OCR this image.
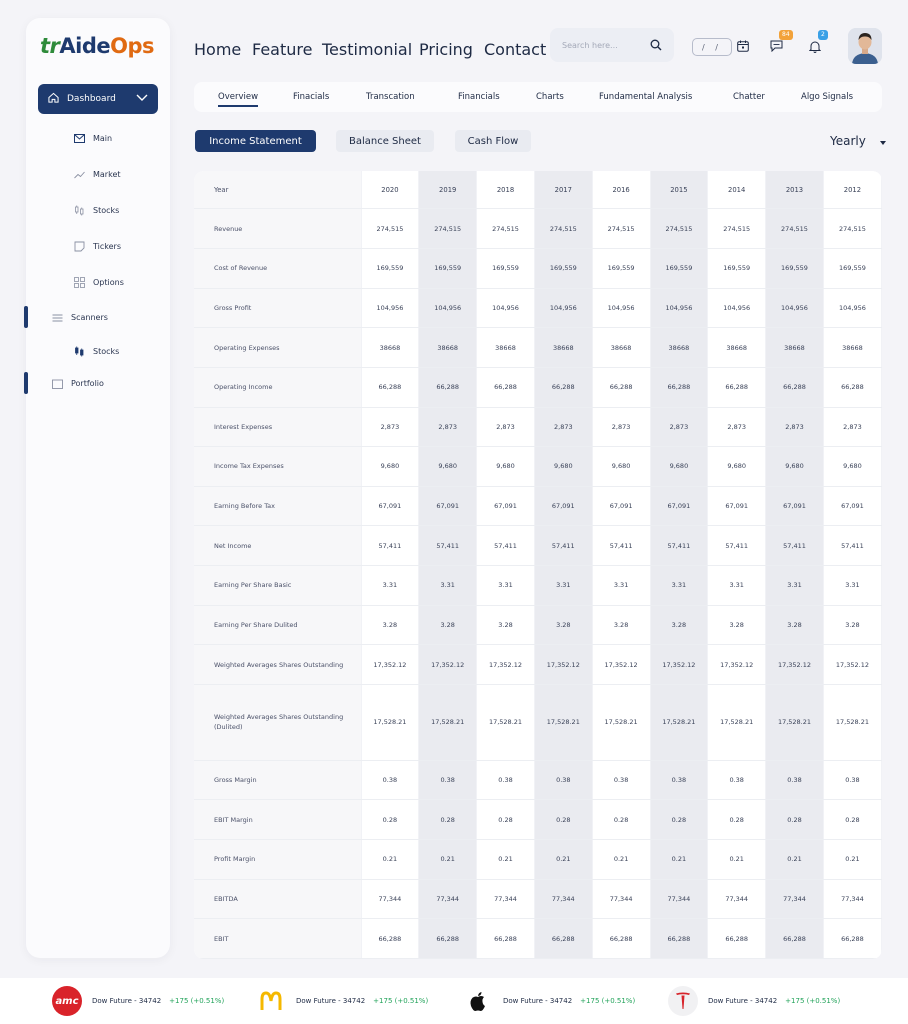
trAideOps
Dashboard
Main
Market
Stocks
Tickers
Options
Scanners
Stocks
Portfolio
Home Feature Testimonial Pricing Contact
Search here...	/ /
84	2
Overview	Finacials	Transcation	Financials	Charts	Fundamental Analysis	Chatter	Algo Signals
Income Statement	Balance Sheet	Cash Flow	Yearly
Year	2020	2019	2018	2017	2016	2015	2014	2013	2012
Revenue	274,515	274,515	274,515	274,515	274,515	274,515	274,515	274,515	274,515
Cost of Revenue	169,559	169,559	169,559	169,559	169,559	169,559	169,559	169,559	169,559
Gross Profit	104,956	104,956	104,956	104,956	104,956	104,956	104,956	104,956	104,956
Operating Expenses	38668	38668	38668	38668	38668	38668	38668	38668	38668
Operating Income	66,288	66,288	66,288	66,288	66,288	66,288	66,288	66,288	66,288
Interest Expenses	2,873	2,873	2,873	2,873	2,873	2,873	2,873	2,873	2,873
Income Tax Expenses	9,680	9,680	9,680	9,680	9,680	9,680	9,680	9,680	9,680
Earning Before Tax	67,091	67,091	67,091	67,091	67,091	67,091	67,091	67,091	67,091
Net Income	57,411	57,411	57,411	57,411	57,411	57,411	57,411	57,411	57,411
Earning Per Share Basic	3.31	3.31	3.31	3.31	3.31	3.31	3.31	3.31	3.31
Earning Per Share Dulited	3.28	3.28	3.28	3.28	3.28	3.28	3.28	3.28	3.28
Weighted Averages Shares Outstanding	17,352.12	17,352.12	17,352.12	17,352.12	17,352.12	17,352.12	17,352.12	17,352.12	17,352.12
Weighted Averages Shares Outstanding (Dulited)	17,528.21	17,528.21	17,528.21	17,528.21	17,528.21	17,528.21	17,528.21	17,528.21	17,528.21
Gross Margin	0.38	0.38	0.38	0.38	0.38	0.38	0.38	0.38	0.38
EBIT Margin	0.28	0.28	0.28	0.28	0.28	0.28	0.28	0.28	0.28
Profit Margin	0.21	0.21	0.21	0.21	0.21	0.21	0.21	0.21	0.21
EBITDA	77,344	77,344	77,344	77,344	77,344	77,344	77,344	77,344	77,344
EBIT	66,288	66,288	66,288	66,288	66,288	66,288	66,288	66,288	66,288
amc Dow Future - 34742 +175 (+0.51%)	Dow Future - 34742 +175 (+0.51%)	Dow Future - 34742 +175 (+0.51%)	Dow Future - 34742 +175 (+0.51%)
